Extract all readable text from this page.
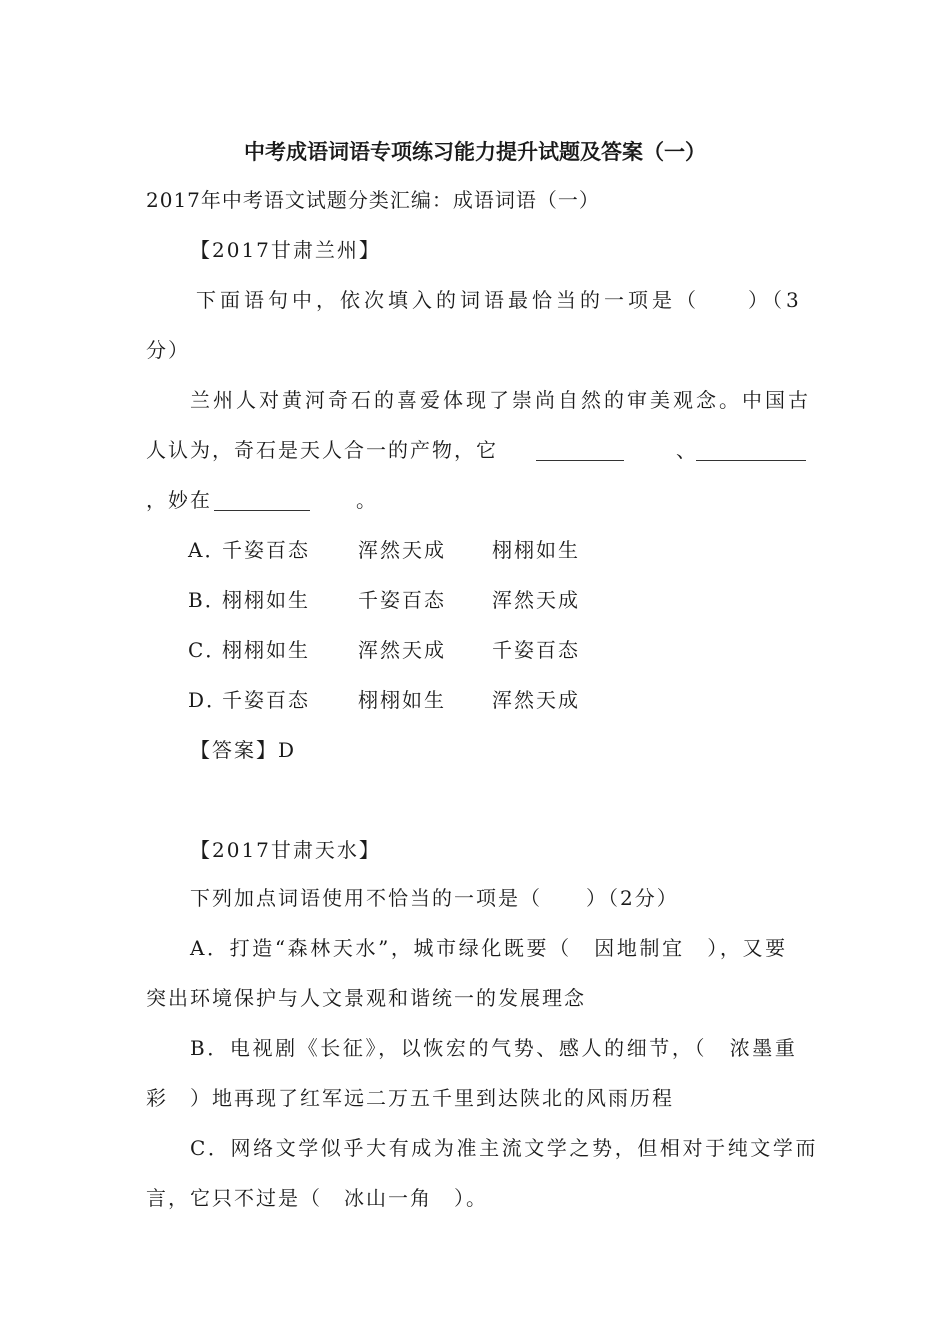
中考成语词语专项练习能力提升试题及答案（一）
2017年中考语文试题分类汇编：成语词语（一）
【2017甘肃兰州】
下面语句中，依次填入的词语最恰当的一项是（　　）（3
分）
兰州人对黄河奇石的喜爱体现了崇尚自然的审美观念。中国古
人认为，奇石是天人合一的产物，它	、
，妙在	。
A．
千姿百态 浑然天成 栩栩如生
B．
栩栩如生 千姿百态 浑然天成
C．
栩栩如生 浑然天成 千姿百态
D．
千姿百态 栩栩如生 浑然天成
【答案】D
【2017甘肃天水】
下列加点词语使用不恰当的一项是（　　）（2分）
A．打造“森林天水”，城市绿化既要（　因地制宜　），又要
突出环境保护与人文景观和谐统一的发展理念
B．电视剧《长征》，以恢宏的气势、感人的细节，（　浓墨重
彩　）地再现了红军远二万五千里到达陕北的风雨历程
C．网络文学似乎大有成为准主流文学之势，但相对于纯文学而
言，它只不过是（　冰山一角　）。
